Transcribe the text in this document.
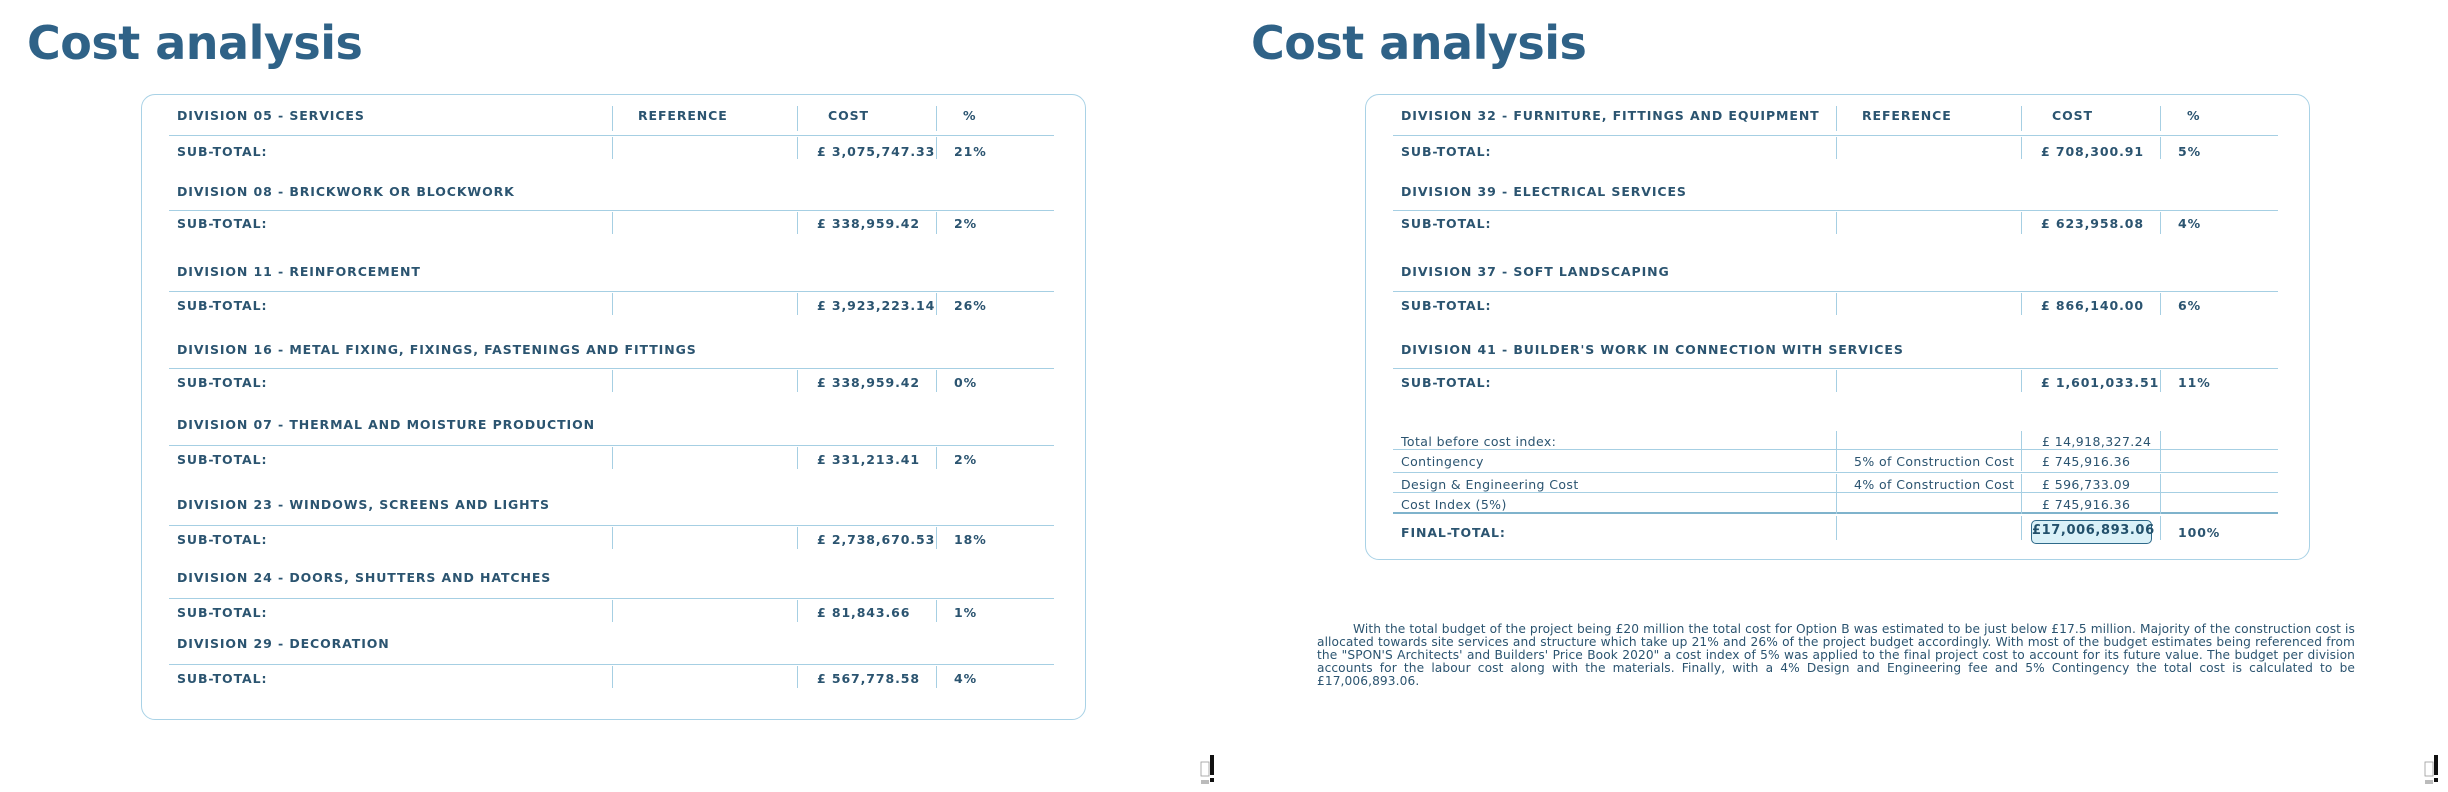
Cost analysis
REFERENCE	COST	%
DIVISION 05 - SERVICES
SUB-TOTAL:	£ 3,075,747.33 21%
DIVISION 08 - BRICKWORK OR BLOCKWORK
SUB-TOTAL:	£ 338,959.42	2%
DIVISION 11 - REINFORCEMENT
SUB-TOTAL:	£ 3,923,223.14 26%
DIVISION 16 - METAL FIXING, FIXINGS, FASTENINGS AND FITTINGS
SUB-TOTAL:	£ 338,959.42	0%
DIVISION 07 - THERMAL AND MOISTURE PRODUCTION
SUB-TOTAL:	£ 331,213.41	2%
DIVISION 23 - WINDOWS, SCREENS AND LIGHTS
SUB-TOTAL:	£ 2,738,670.53 18%
DIVISION 24 - DOORS, SHUTTERS AND HATCHES
SUB-TOTAL:	£ 81,843.66	1%
DIVISION 29 - DECORATION
SUB-TOTAL:	£ 567,778.58	4%
Cost analysis
REFERENCE	COST	%
DIVISION 32 - FURNITURE, FITTINGS AND EQUIPMENT
SUB-TOTAL:	£ 708,300.91	5%
DIVISION 39 - ELECTRICAL SERVICES
SUB-TOTAL:	£ 623,958.08	4%
DIVISION 37 - SOFT LANDSCAPING
SUB-TOTAL:	£ 866,140.00	6%
DIVISION 41 - BUILDER'S WORK IN CONNECTION WITH SERVICES
SUB-TOTAL:	£ 1,601,033.51 11%
Total before cost index:	£ 14,918,327.24
Contingency	5% of Construction Cost £ 745,916.36
Design & Engineering Cost	4% of Construction Cost £ 596,733.09
Cost Index (5%)	£ 745,916.36
FINAL-TOTAL:	£17,006,893.06 100%

With the total budget of the project being £20 million the total cost for Option B was estimated to be just below £17.5 million. Majority of the construction cost is allocated towards site services and structure which take up 21% and 26% of the project budget accordingly. With most of the budget estimates being referenced from the "SPON'S Architects' and Builders' Price Book 2020" a cost index of 5% was applied to the final project cost to account for its future value. The budget per division accounts for the labour cost along with the materials. Finally, with a 4% Design and Engineering fee and 5% Contingency the total cost is calculated to be £17,006,893.06.
